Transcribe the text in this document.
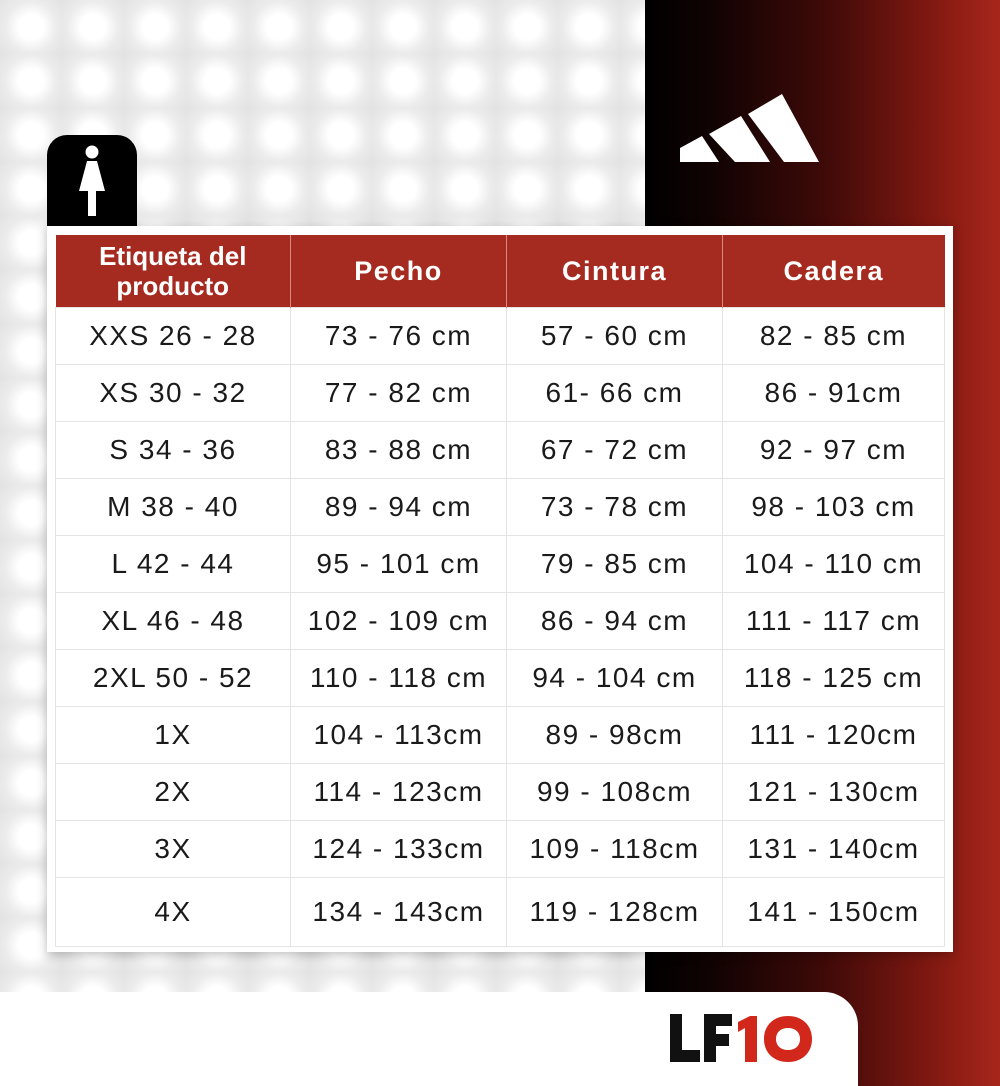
Etiqueta del producto	Pecho	Cintura	Cadera
XXS 26 - 28	73 - 76 cm	57 - 60 cm	82 - 85 cm
XS 30 - 32	77 - 82 cm	61- 66 cm	86 - 91cm
S 34 - 36	83 - 88 cm	67 - 72 cm	92 - 97 cm
M 38 - 40	89 - 94 cm	73 - 78 cm	98 - 103 cm
L 42 - 44	95 - 101 cm	79 - 85 cm	104 - 110 cm
XL 46 - 48	102 - 109 cm	86 - 94 cm	111 - 117 cm
2XL 50 - 52	110 - 118 cm	94 - 104 cm	118 - 125 cm
1X	104 - 113cm	89 - 98cm	111 - 120cm
2X	114 - 123cm	99 - 108cm	121 - 130cm
3X	124 - 133cm	109 - 118cm	131 - 140cm
4X	134 - 143cm	119 - 128cm	141 - 150cm
